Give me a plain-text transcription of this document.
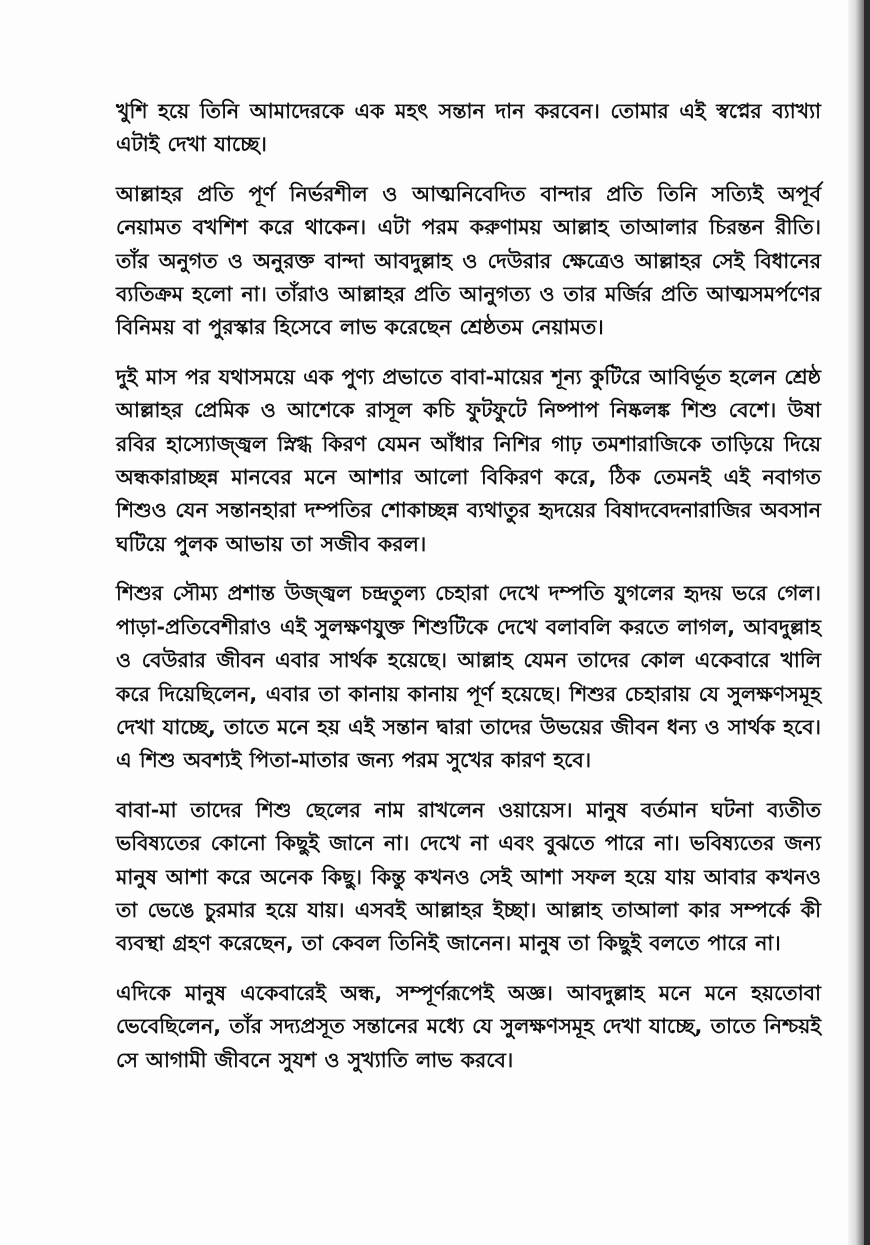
খুশি হয়ে তিনি আমাদেরকে এক মহৎ সন্তান দান করবেন। তোমার এই স্বপ্নের ব্যাখ্যা এটাই দেখা যাচ্ছে।

আল্লাহর প্রতি পূর্ণ নির্ভরশীল ও আত্মনিবেদিত বান্দার প্রতি তিনি সত্যিই অপূর্ব নেয়ামত বখশিশ করে থাকেন। এটা পরম করুণাময় আল্লাহ তাআলার চিরন্তন রীতি। তাঁর অনুগত ও অনুরক্ত বান্দা আবদুল্লাহ ও দেউরার ক্ষেত্রেও আল্লাহর সেই বিধানের ব্যতিক্রম হলো না। তাঁরাও আল্লাহর প্রতি আনুগত্য ও তার মর্জির প্রতি আত্মসমর্পণের বিনিময় বা পুরস্কার হিসেবে লাভ করেছেন শ্রেষ্ঠতম নেয়ামত।

দুই মাস পর যথাসময়ে এক পুণ্য প্রভাতে বাবা-মায়ের শূন্য কুটিরে আবির্ভূত হলেন শ্রেষ্ঠ আল্লাহর প্রেমিক ও আশেকে রাসূল কচি ফুটফুটে নিষ্পাপ নিষ্কলঙ্ক শিশু বেশে। উষা রবির হাস্যোজ্জ্বল স্নিগ্ধ কিরণ যেমন আঁধার নিশির গাঢ় তমশারাজিকে তাড়িয়ে দিয়ে অন্ধকারাচ্ছন্ন মানবের মনে আশার আলো বিকিরণ করে, ঠিক তেমনই এই নবাগত শিশুও যেন সন্তানহারা দম্পতির শোকাচ্ছন্ন ব্যথাতুর হৃদয়ের বিষাদবেদনারাজির অবসান ঘটিয়ে পুলক আভায় তা সজীব করল।

শিশুর সৌম্য প্রশান্ত উজ্জ্বল চন্দ্রতুল্য চেহারা দেখে দম্পতি যুগলের হৃদয় ভরে গেল। পাড়া-প্রতিবেশীরাও এই সুলক্ষণযুক্ত শিশুটিকে দেখে বলাবলি করতে লাগল, আবদুল্লাহ ও বেউরার জীবন এবার সার্থক হয়েছে। আল্লাহ যেমন তাদের কোল একেবারে খালি করে দিয়েছিলেন, এবার তা কানায় কানায় পূর্ণ হয়েছে। শিশুর চেহারায় যে সুলক্ষণসমূহ দেখা যাচ্ছে, তাতে মনে হয় এই সন্তান দ্বারা তাদের উভয়ের জীবন ধন্য ও সার্থক হবে। এ শিশু অবশ্যই পিতা-মাতার জন্য পরম সুখের কারণ হবে।

বাবা-মা তাদের শিশু ছেলের নাম রাখলেন ওয়ায়েস। মানুষ বর্তমান ঘটনা ব্যতীত ভবিষ্যতের কোনো কিছুই জানে না। দেখে না এবং বুঝতে পারে না। ভবিষ্যতের জন্য মানুষ আশা করে অনেক কিছু। কিন্তু কখনও সেই আশা সফল হয়ে যায় আবার কখনও তা ভেঙে চুরমার হয়ে যায়। এসবই আল্লাহর ইচ্ছা। আল্লাহ তাআলা কার সম্পর্কে কী ব্যবস্থা গ্রহণ করেছেন, তা কেবল তিনিই জানেন। মানুষ তা কিছুই বলতে পারে না।

এদিকে মানুষ একেবারেই অন্ধ, সম্পূর্ণরূপেই অজ্ঞ। আবদুল্লাহ মনে মনে হয়তোবা ভেবেছিলেন, তাঁর সদ্যপ্রসূত সন্তানের মধ্যে যে সুলক্ষণসমূহ দেখা যাচ্ছে, তাতে নিশ্চয়ই সে আগামী জীবনে সুযশ ও সুখ্যাতি লাভ করবে।
